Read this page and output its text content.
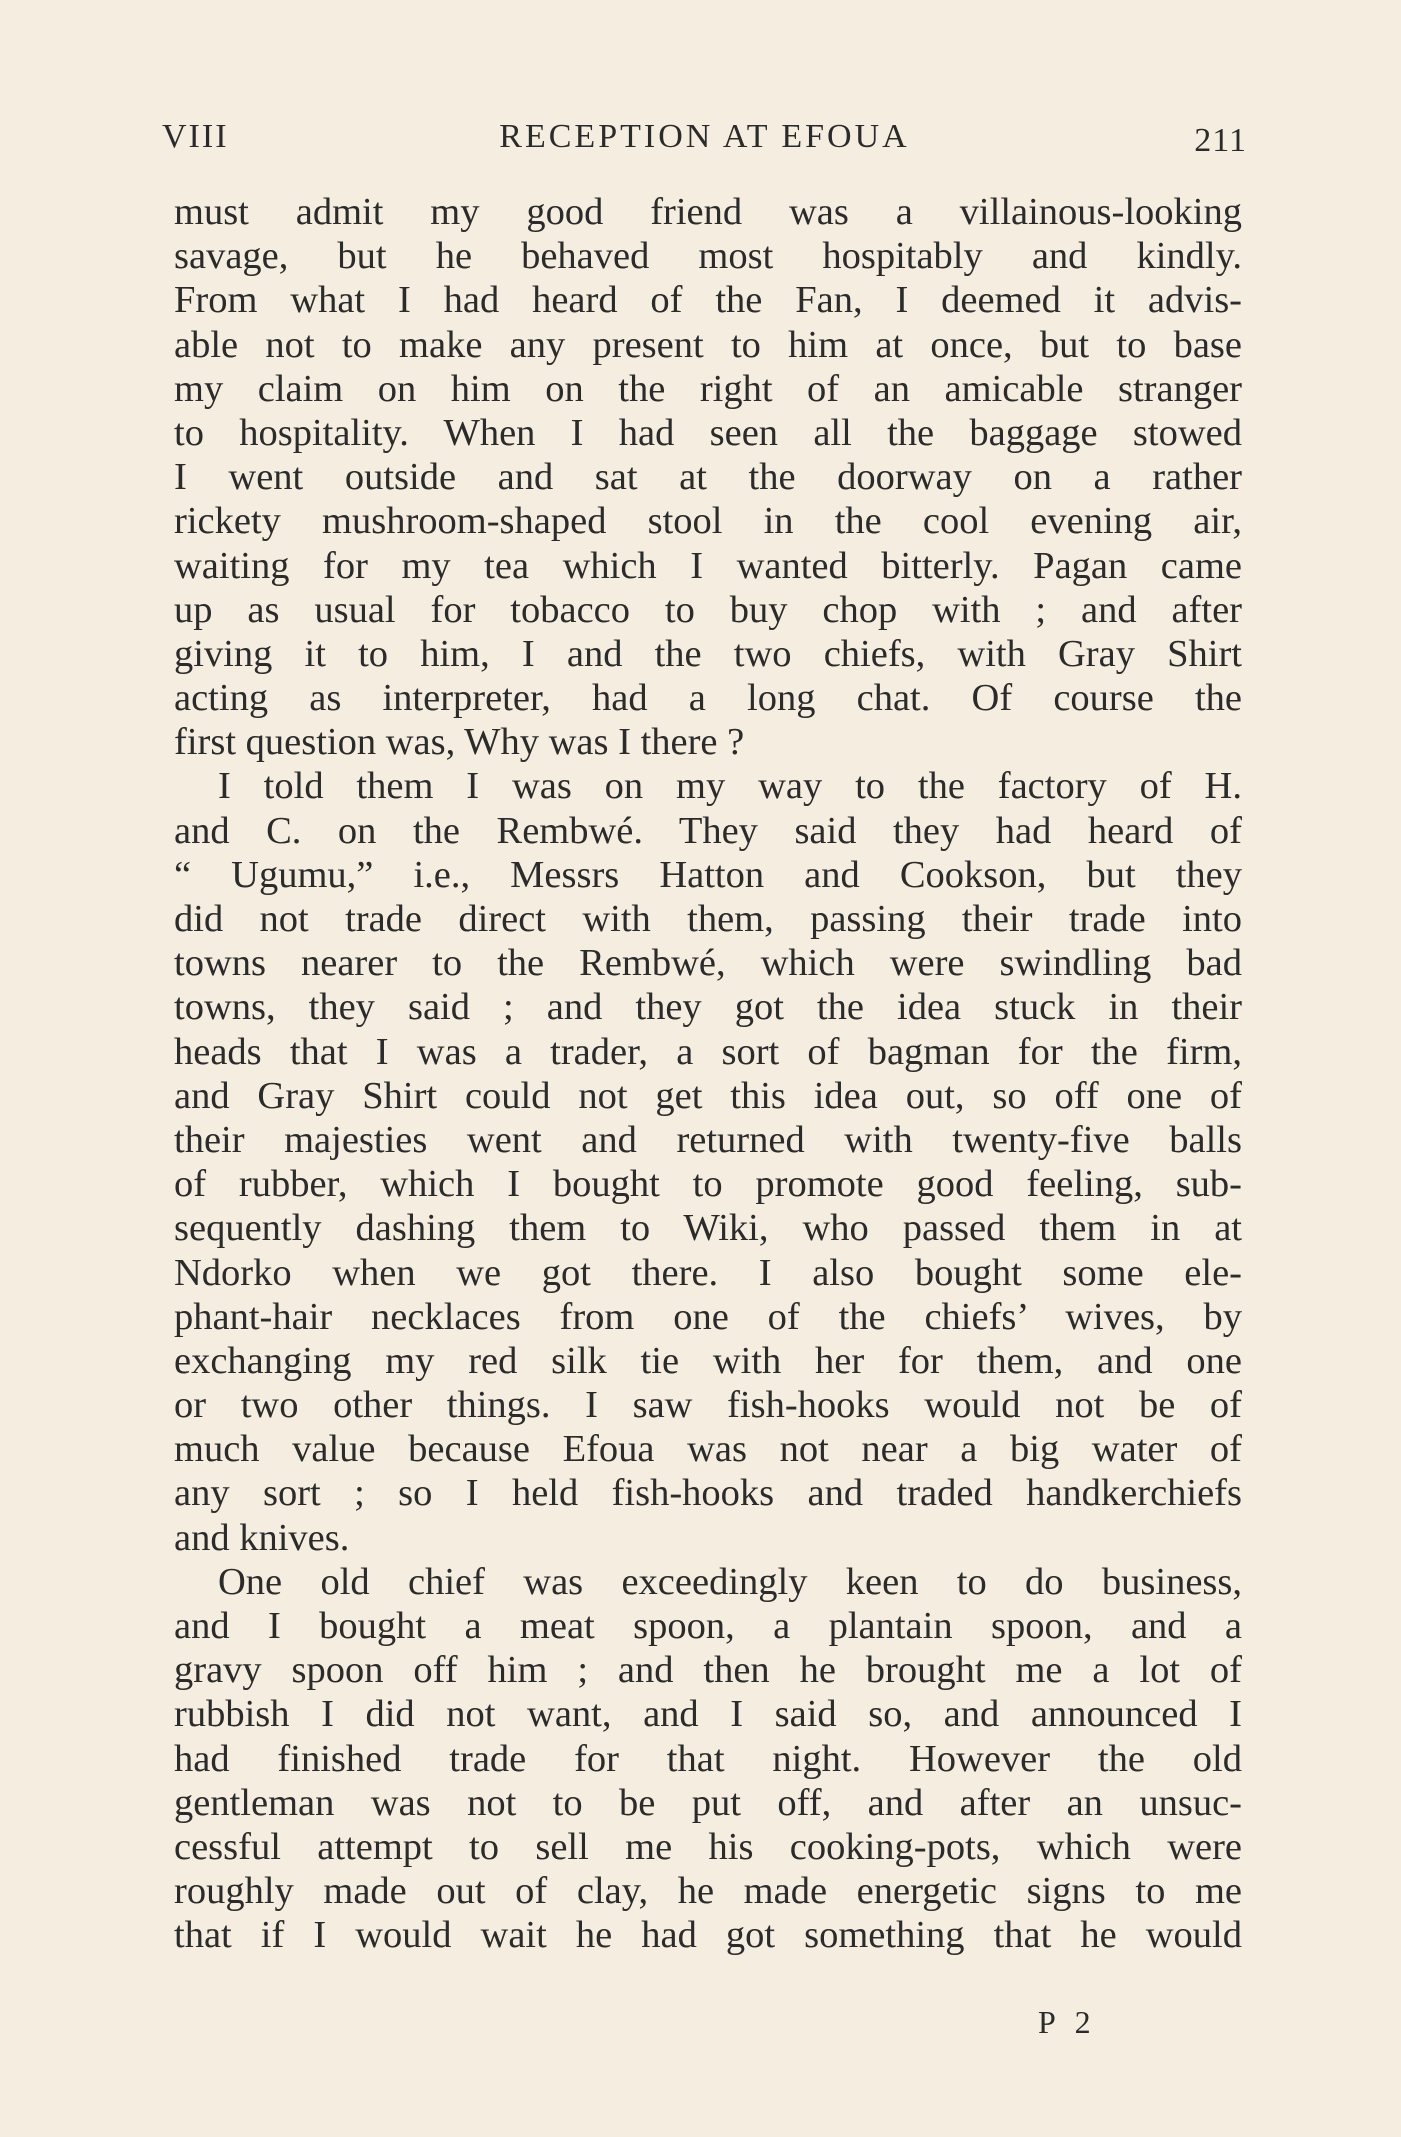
VIII	RECEPTION AT EFOUA	211
must admit my good friend was a villainous-looking
savage, but he behaved most hospitably and kindly.
From what I had heard of the Fan, I deemed it advis-
able not to make any present to him at once, but to base
my claim on him on the right of an amicable stranger
to hospitality. When I had seen all the baggage stowed
I went outside and sat at the doorway on a rather
rickety mushroom-shaped stool in the cool evening air,
waiting for my tea which I wanted bitterly. Pagan came
up as usual for tobacco to buy chop with ; and after
giving it to him, I and the two chiefs, with Gray Shirt
acting as interpreter, had a long chat. Of course the
first question was, Why was I there ?
I told them I was on my way to the factory of H.
and C. on the Rembwé. They said they had heard of
“ Ugumu,” i.e., Messrs Hatton and Cookson, but they
did not trade direct with them, passing their trade into
towns nearer to the Rembwé, which were swindling bad
towns, they said ; and they got the idea stuck in their
heads that I was a trader, a sort of bagman for the firm,
and Gray Shirt could not get this idea out, so off one of
their majesties went and returned with twenty-five balls
of rubber, which I bought to promote good feeling, sub-
sequently dashing them to Wiki, who passed them in at
Ndorko when we got there. I also bought some ele-
phant-hair necklaces from one of the chiefs’ wives, by
exchanging my red silk tie with her for them, and one
or two other things. I saw fish-hooks would not be of
much value because Efoua was not near a big water of
any sort ; so I held fish-hooks and traded handkerchiefs
and knives.
One old chief was exceedingly keen to do business,
and I bought a meat spoon, a plantain spoon, and a
gravy spoon off him ; and then he brought me a lot of
rubbish I did not want, and I said so, and announced I
had finished trade for that night. However the old
gentleman was not to be put off, and after an unsuc-
cessful attempt to sell me his cooking-pots, which were
roughly made out of clay, he made energetic signs to me
that if I would wait he had got something that he would
P 2
